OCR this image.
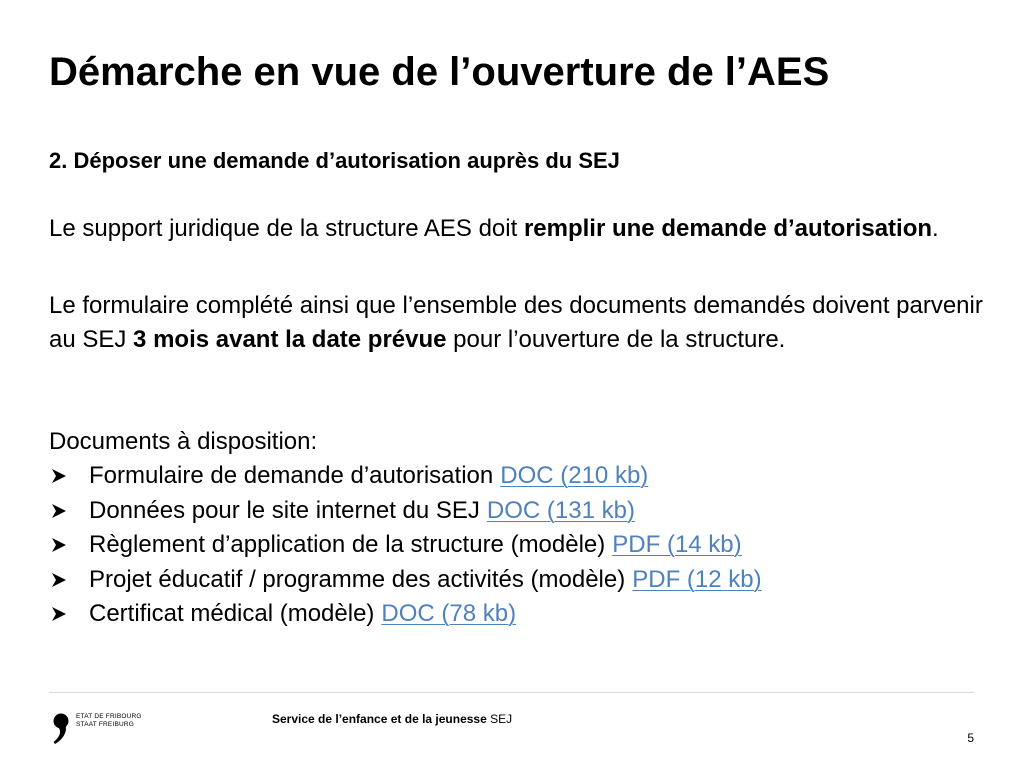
Démarche en vue de l’ouverture de l’AES
2. Déposer une demande d’autorisation auprès du SEJ

Le support juridique de la structure AES doit remplir une demande d’autorisation.

Le formulaire complété ainsi que l’ensemble des documents demandés doivent parvenir au SEJ 3 mois avant la date prévue pour l’ouverture de la structure.

Documents à disposition:

Formulaire de demande d’autorisation DOC (210 kb)
Données pour le site internet du SEJ DOC (131 kb)
Règlement d’application de la structure (modèle) PDF (14 kb)
Projet éducatif / programme des activités (modèle) PDF (12 kb)
Certificat médical (modèle) DOC (78 kb)
ETAT DE FRIBOURG
STAAT FREIBURG	Service de l’enfance et de la jeunesse SEJ
5
